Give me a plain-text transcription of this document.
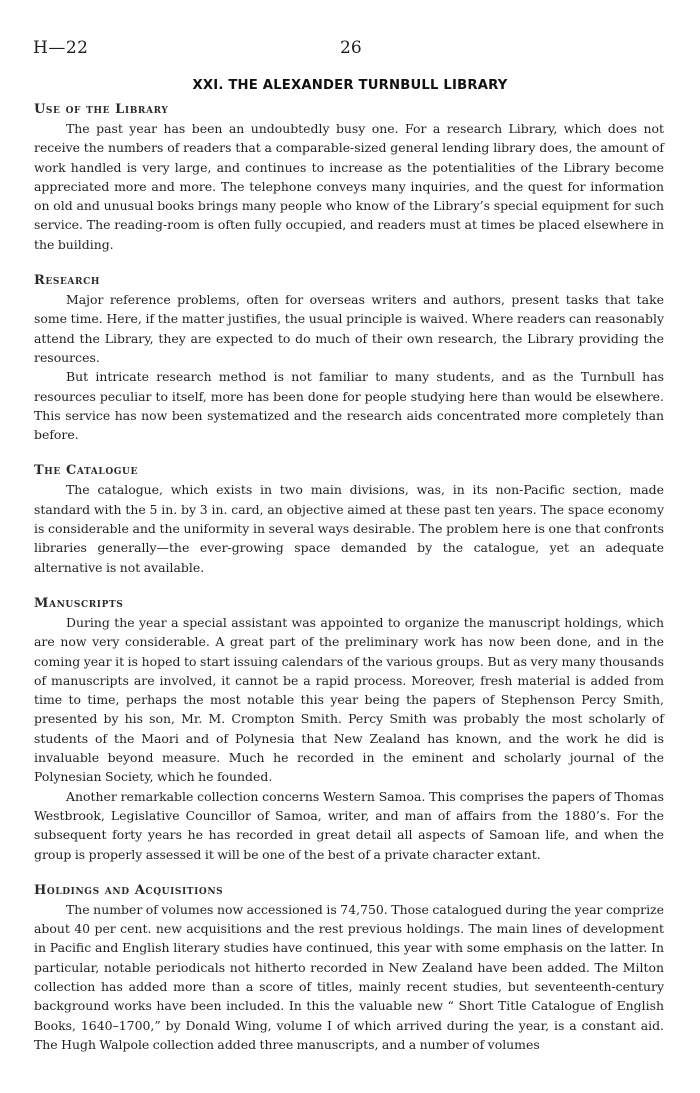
H—22	26
XXI. THE ALEXANDER TURNBULL LIBRARY
Use of the Library

The past year has been an undoubtedly busy one. For a research Library, which does not receive the numbers of readers that a comparable-sized general lending library does, the amount of work handled is very large, and continues to increase as the potentialities of the Library become appreciated more and more. The telephone conveys many inquiries, and the quest for information on old and unusual books brings many people who know of the Library’s special equipment for such service. The reading-room is often fully occupied, and readers must at times be placed elsewhere in the building.

Research

Major reference problems, often for overseas writers and authors, present tasks that take some time. Here, if the matter justifies, the usual principle is waived. Where readers can reasonably attend the Library, they are expected to do much of their own research, the Library providing the resources.

But intricate research method is not familiar to many students, and as the Turnbull has resources peculiar to itself, more has been done for people studying here than would be elsewhere. This service has now been systematized and the research aids concentrated more completely than before.

The Catalogue

The catalogue, which exists in two main divisions, was, in its non-Pacific section, made standard with the 5 in. by 3 in. card, an objective aimed at these past ten years. The space economy is considerable and the uniformity in several ways desirable. The problem here is one that confronts libraries generally—the ever-growing space demanded by the catalogue, yet an adequate alternative is not available.

Manuscripts

During the year a special assistant was appointed to organize the manuscript holdings, which are now very considerable. A great part of the preliminary work has now been done, and in the coming year it is hoped to start issuing calendars of the various groups. But as very many thousands of manuscripts are involved, it cannot be a rapid process. Moreover, fresh material is added from time to time, perhaps the most notable this year being the papers of Stephenson Percy Smith, presented by his son, Mr. M. Crompton Smith. Percy Smith was probably the most scholarly of students of the Maori and of Polynesia that New Zealand has known, and the work he did is invaluable beyond measure. Much he recorded in the eminent and scholarly journal of the Polynesian Society, which he founded.

Another remarkable collection concerns Western Samoa. This comprises the papers of Thomas Westbrook, Legislative Councillor of Samoa, writer, and man of affairs from the 1880’s. For the subsequent forty years he has recorded in great detail all aspects of Samoan life, and when the group is properly assessed it will be one of the best of a private character extant.

Holdings and Acquisitions

The number of volumes now accessioned is 74,750. Those catalogued during the year comprize about 40 per cent. new acquisitions and the rest previous holdings. The main lines of development in Pacific and English literary studies have continued, this year with some emphasis on the latter. In particular, notable periodicals not hitherto recorded in New Zealand have been added. The Milton collection has added more than a score of titles, mainly recent studies, but seventeenth-century background works have been included. In this the valuable new “ Short Title Catalogue of English Books, 1640–1700,” by Donald Wing, volume I of which arrived during the year, is a constant aid. The Hugh Walpole collection added three manuscripts, and a number of volumes
